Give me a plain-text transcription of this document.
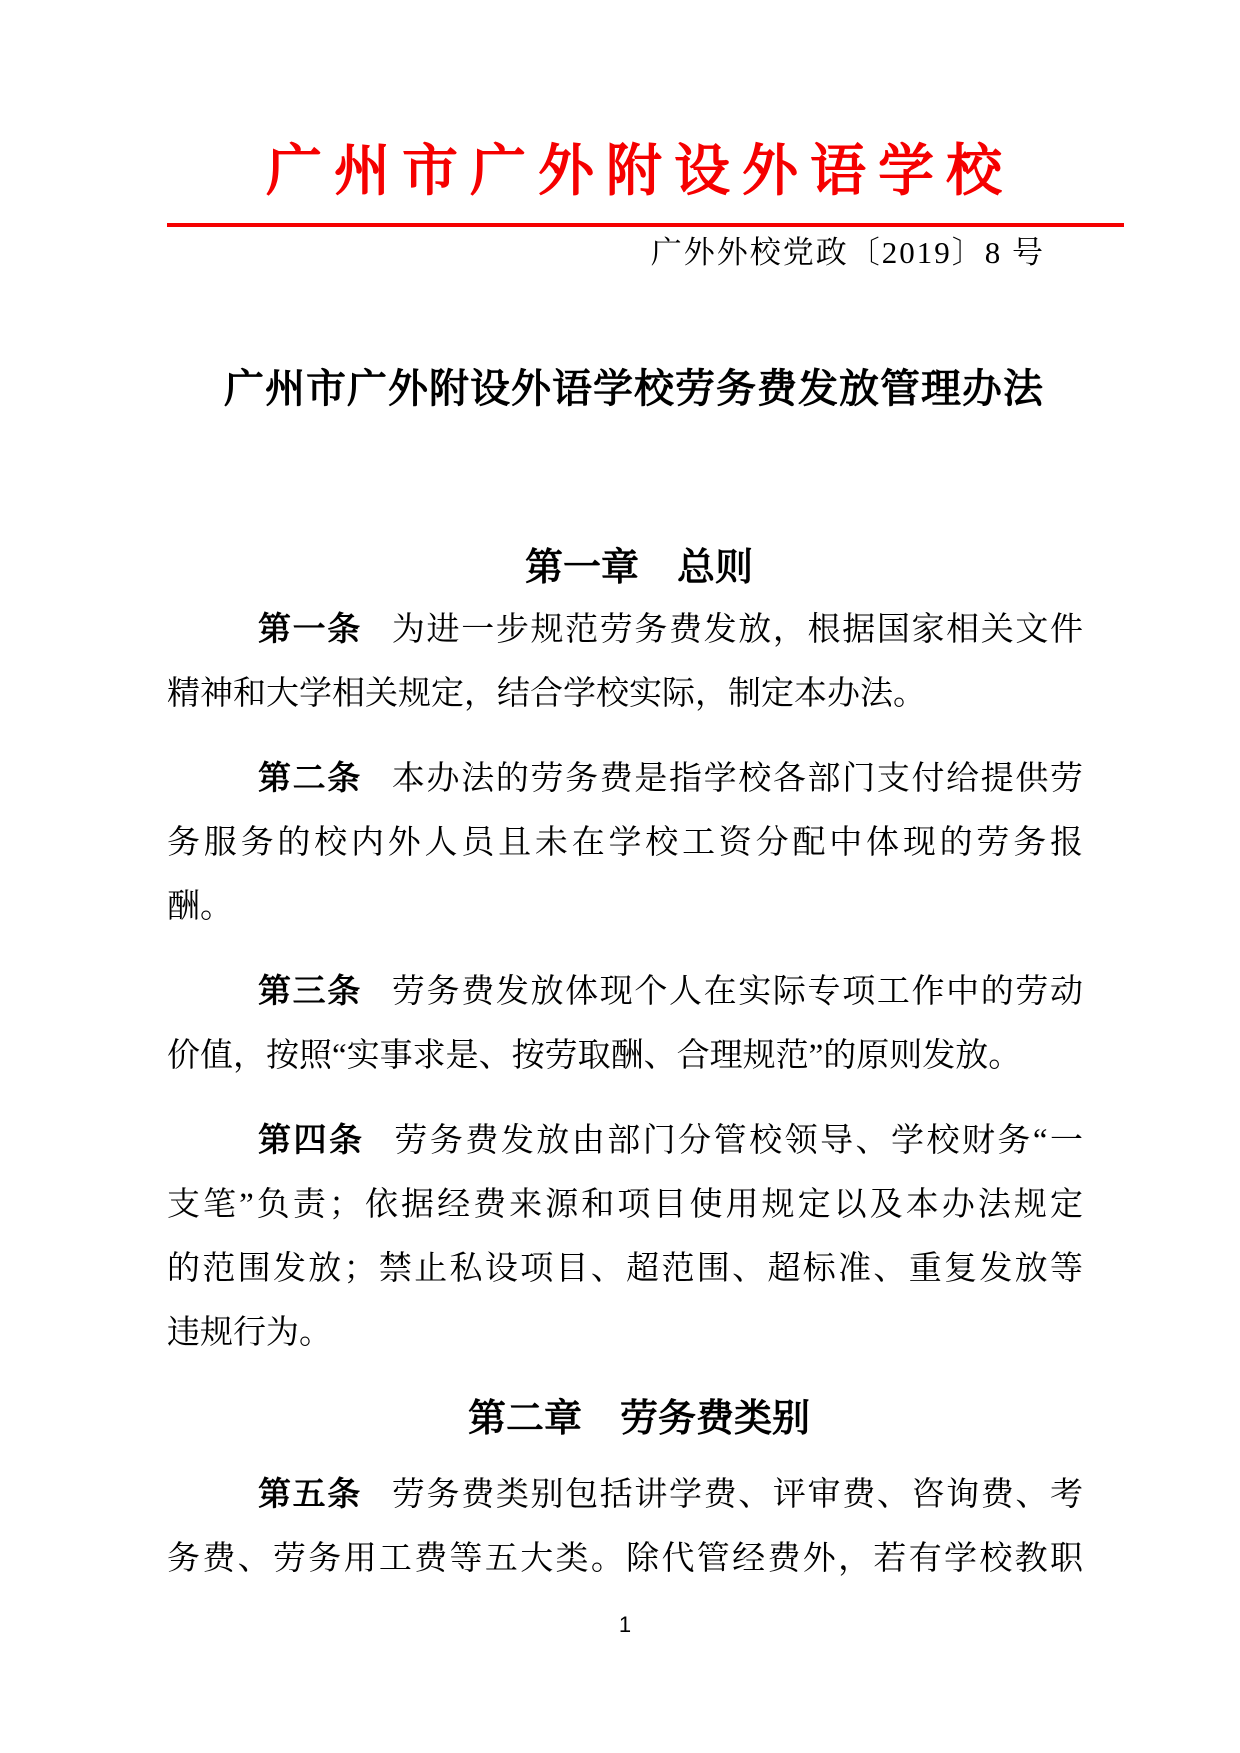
广州市广外附设外语学校
广外外校党政〔2019〕8 号
广州市广外附设外语学校劳务费发放管理办法
第一章　总则
第一条 为进一步规范劳务费发放，根据国家相关文件
精神和大学相关规定，结合学校实际，制定本办法。
第二条 本办法的劳务费是指学校各部门支付给提供劳
务服务的校内外人员且未在学校工资分配中体现的劳务报
酬。
第三条 劳务费发放体现个人在实际专项工作中的劳动
价值，按照“实事求是、按劳取酬、合理规范”的原则发放。
第四条 劳务费发放由部门分管校领导、学校财务“一
支笔”负责；依据经费来源和项目使用规定以及本办法规定
的范围发放；禁止私设项目、超范围、超标准、重复发放等
违规行为。
第二章　劳务费类别
第五条 劳务费类别包括讲学费、评审费、咨询费、考
务费、劳务用工费等五大类。除代管经费外，若有学校教职
1
